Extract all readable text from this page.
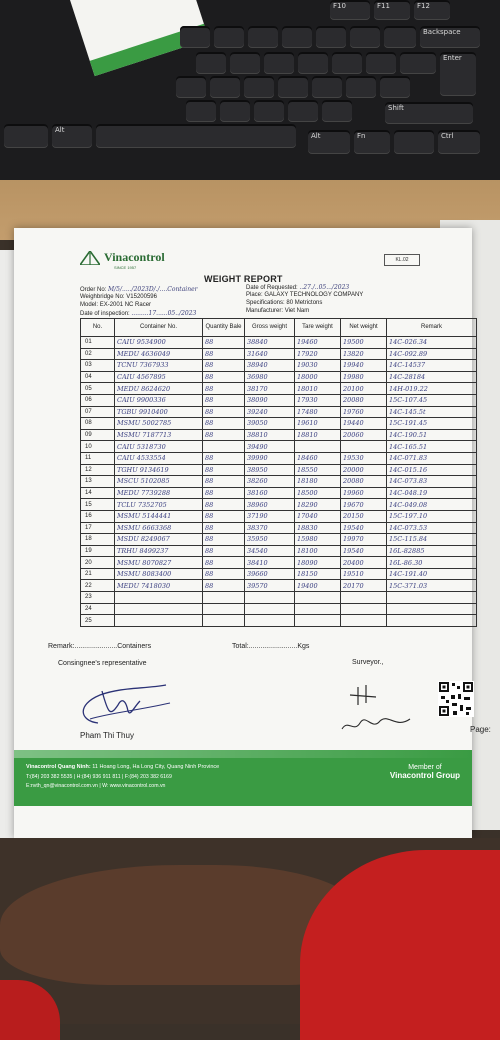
F10	F11	F12
Backspace
Enter
Shift
Alt
Fn	Ctrl
Alt
Vinacontrol
SINCE 1957
KL.02
WEIGHT REPORT
Order No: M/5/...../2023D/./....Container
Weighbridge No: V15200596
Model: EX-2001 NC Racer
Date of inspection: .........17......05../2023
Date of Requested: ..27./..05.../2023
Place: GALAXY TECHNOLOGY COMPANY
Specifications: 80 Metrictons
Manufacturer: Viet Nam
No.	Container No.	Quantity Bale	Gross weight	Tare weight	Net weight	Remark
01	CAIU 9534900	88	38840	19460	19500	14C-026.34
02	MEDU 4636049	88	31640	17920	13820	14C-092.89
03	TCNU 7367933	88	38940	19030	19940	14C-14537
04	CAIU 4567895	88	36980	18000	19980	14C-28184
05	MEDU 8624620	88	38170	18010	20100	14H-019.22
06	CAIU 9900336	88	38090	17930	20080	15C-107.45
07	TGBU 9910400	88	39240	17480	19760	14C-145.5t
08	MSMU 5002785	88	39050	19610	19440	15C-191.45
09	MSMU 7187713	88	38810	18810	20060	14C-190.51
10	CAIU 5318730		39490			14C-165.51
11	CAIU 4533554	88	39990	18460	19530	14C-071.83
12	TGHU 9134619	88	38950	18550	20000	14C-015.16
13	MSCU 5102085	88	38260	18180	20080	14C-073.83
14	MEDU 7739288	88	38160	18500	19960	14C-048.19
15	TCLU 7352705	88	38960	18290	19670	14C-049.08
16	MSMU 5144441	88	37190	17040	20150	15C-197.10
17	MSMU 6663368	88	38370	18830	19540	14C-073.53
18	MSDU 8249067	88	35950	15980	19970	15C-115.84
19	TRHU 8499237	88	34540	18100	19540	16L-82885
20	MSMU 8070827	88	38410	18090	20400	16L-86.30
21	MSMU 8083400	88	39660	18150	19510	14C-191.40
22	MEDU 7418030	88	39570	19400	20170	15C-371.03
23						
24						
25						
Remark:......................Containers	Total:.........................Kgs
Consingnee's representative	Surveyor.,
Pham Thi Thuy
Page:
Vinacontrol Quang Ninh: 11 Hoang Long, Ha Long City, Quang Ninh Province
T:(84) 203 382 5535 | H:(84) 936 911 811 | F:(84) 203 382 6169
E:nvth_qn@vinacontrol.com.vn | W: www.vinacontrol.com.vn
Member of
Vinacontrol Group
